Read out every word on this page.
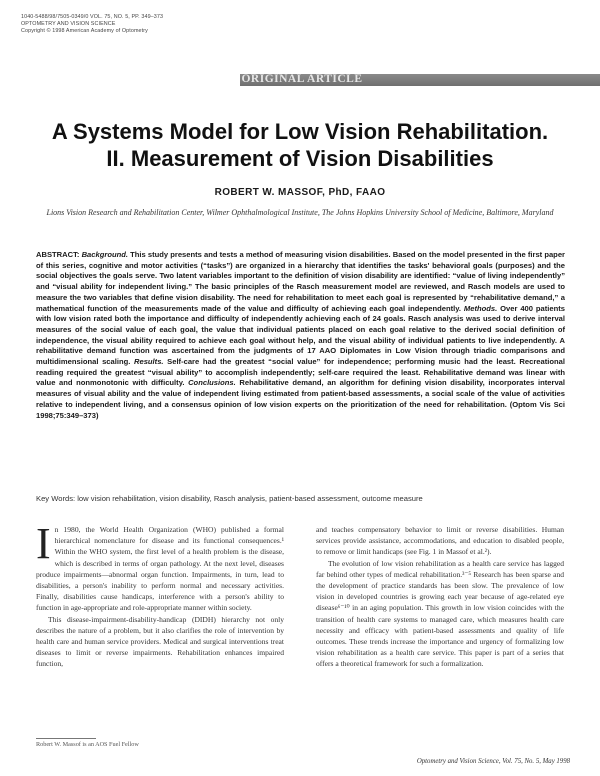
1040-5488/98/7505-0349/0 VOL. 75, NO. 5, PP. 349–373
OPTOMETRY AND VISION SCIENCE
Copyright © 1998 American Academy of Optometry
ORIGINAL ARTICLE
A Systems Model for Low Vision Rehabilitation.
II. Measurement of Vision Disabilities
ROBERT W. MASSOF, PhD, FAAO
Lions Vision Research and Rehabilitation Center, Wilmer Ophthalmological Institute, The Johns Hopkins University School of Medicine, Baltimore, Maryland

ABSTRACT: Background. This study presents and tests a method of measuring vision disabilities. Based on the model presented in the first paper of this series, cognitive and motor activities (“tasks”) are organized in a hierarchy that identifies the tasks' behavioral goals (purposes) and the social objectives the goals serve. Two latent variables important to the definition of vision disability are identified: “value of living independently” and “visual ability for independent living.” The basic principles of the Rasch measurement model are reviewed, and Rasch models are used to measure the two variables that define vision disability. The need for rehabilitation to meet each goal is represented by “rehabilitative demand,” a mathematical function of the measurements made of the value and difficulty of achieving each goal independently. Methods. Over 400 patients with low vision rated both the importance and difficulty of independently achieving each of 24 goals. Rasch analysis was used to derive interval measures of the social value of each goal, the value that individual patients placed on each goal relative to the derived social definition of independence, the visual ability required to achieve each goal without help, and the visual ability of individual patients to live independently. A rehabilitative demand function was ascertained from the judgments of 17 AAO Diplomates in Low Vision through triadic comparisons and multidimensional scaling. Results. Self-care had the greatest “social value” for independence; performing music had the least. Recreational reading required the greatest “visual ability” to accomplish independently; self-care required the least. Rehabilitative demand was linear with value and nonmonotonic with difficulty. Conclusions. Rehabilitative demand, an algorithm for defining vision disability, incorporates interval measures of visual ability and the value of independent living estimated from patient-based assessments, a social scale of the value of activities relative to independent living, and a consensus opinion of low vision experts on the prioritization of the need for rehabilitation. (Optom Vis Sci 1998;75:349–373)

Key Words: low vision rehabilitation, vision disability, Rasch analysis, patient-based assessment, outcome measure

In 1980, the World Health Organization (WHO) published a formal hierarchical nomenclature for disease and its functional consequences.¹ Within the WHO system, the first level of a health problem is the disease, which is described in terms of organ pathology. At the next level, diseases produce impairments—abnormal organ function. Impairments, in turn, lead to disabilities, a person's inability to perform normal and necessary activities. Finally, disabilities cause handicaps, interference with a person's ability to function in age-appropriate and role-appropriate manner within society.

This disease-impairment-disability-handicap (DIDH) hierarchy not only describes the nature of a problem, but it also clarifies the role of intervention by health care and human service providers. Medical and surgical interventions treat diseases to limit or reverse impairments. Rehabilitation enhances impaired function,

and teaches compensatory behavior to limit or reverse disabilities. Human services provide assistance, accommodations, and education to disabled people, to remove or limit handicaps (see Fig. 1 in Massof et al.²).

The evolution of low vision rehabilitation as a health care service has lagged far behind other types of medical rehabilitation.³⁻⁵ Research has been sparse and the development of practice standards has been slow. The prevalence of low vision in developed countries is growing each year because of age-related eye disease⁶⁻¹⁰ in an aging population. This growth in low vision coincides with the transition of health care systems to managed care, which measures health care necessity and efficacy with patient-based assessments and quality of life outcomes. These trends increase the importance and urgency of formalizing low vision rehabilitation as a health care service. This paper is part of a series that offers a theoretical framework for such a formalization.

Robert W. Massof is an AOS Fuel Fellow
Optometry and Vision Science, Vol. 75, No. 5, May 1998
